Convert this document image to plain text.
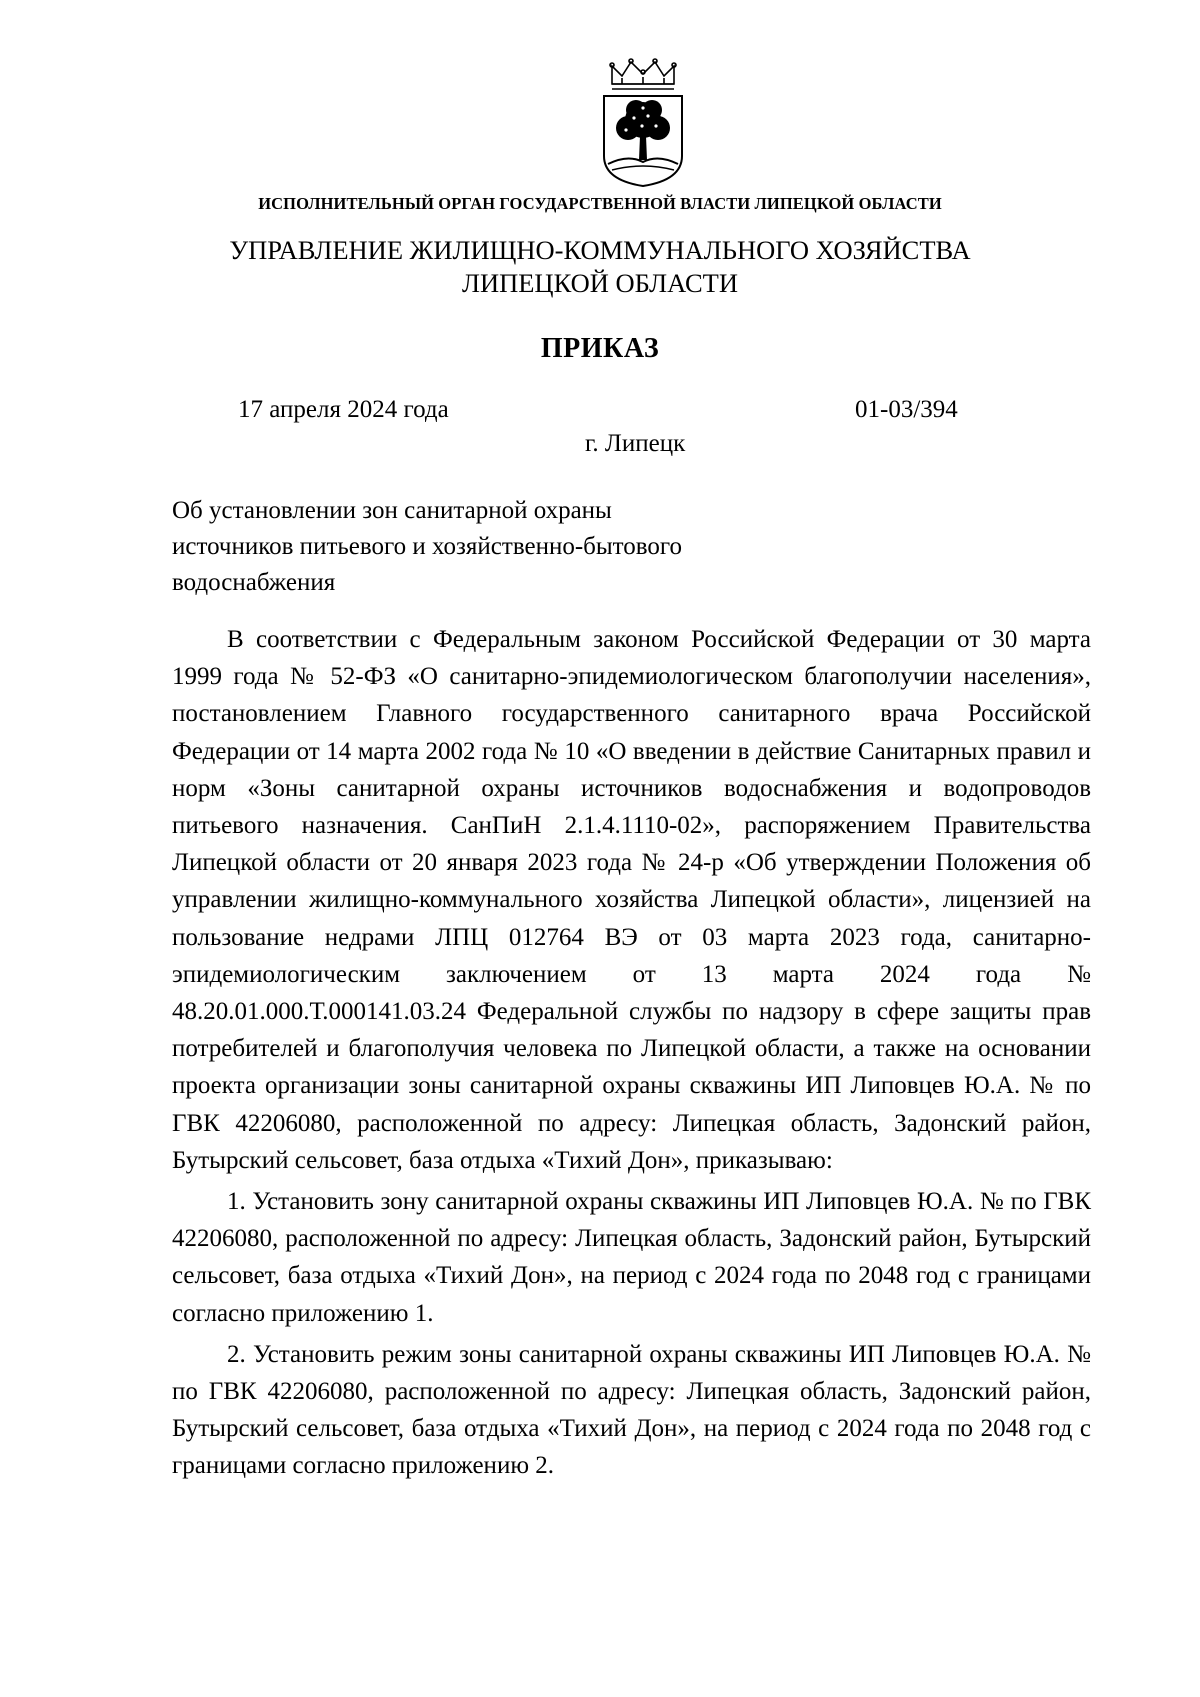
ИСПОЛНИТЕЛЬНЫЙ ОРГАН ГОСУДАРСТВЕННОЙ ВЛАСТИ ЛИПЕЦКОЙ ОБЛАСТИ
УПРАВЛЕНИЕ ЖИЛИЩНО-КОММУНАЛЬНОГО ХОЗЯЙСТВА
ЛИПЕЦКОЙ ОБЛАСТИ
ПРИКАЗ
17 апреля 2024 года	01-03/394
г. Липецк
Об установлении зон санитарной охраны
источников питьевого и хозяйственно-бытового
водоснабжения

В соответствии с Федеральным законом Российской Федерации от 30 марта 1999 года № 52-ФЗ «О санитарно-эпидемиологическом благополучии населения», постановлением Главного государственного санитарного врача Российской Федерации от 14 марта 2002 года № 10 «О введении в действие Санитарных правил и норм «Зоны санитарной охраны источников водоснабжения и водопроводов питьевого назначения. СанПиН 2.1.4.1110-02», распоряжением Правительства Липецкой области от 20 января 2023 года № 24-р «Об утверждении Положения об управлении жилищно-коммунального хозяйства Липецкой области», лицензией на пользование недрами ЛПЦ 012764 ВЭ от 03 марта 2023 года, санитарно-эпидемиологическим заключением от 13 марта 2024 года № 48.20.01.000.Т.000141.03.24 Федеральной службы по надзору в сфере защиты прав потребителей и благополучия человека по Липецкой области, а также на основании проекта организации зоны санитарной охраны скважины ИП Липовцев Ю.А. № по ГВК 42206080, расположенной по адресу: Липецкая область, Задонский район, Бутырский сельсовет, база отдыха «Тихий Дон», приказываю:

1. Установить зону санитарной охраны скважины ИП Липовцев Ю.А. № по ГВК 42206080, расположенной по адресу: Липецкая область, Задонский район, Бутырский сельсовет, база отдыха «Тихий Дон», на период с 2024 года по 2048 год с границами согласно приложению 1.

2. Установить режим зоны санитарной охраны скважины ИП Липовцев Ю.А. № по ГВК 42206080, расположенной по адресу: Липецкая область, Задонский район, Бутырский сельсовет, база отдыха «Тихий Дон», на период с 2024 года по 2048 год с границами согласно приложению 2.
